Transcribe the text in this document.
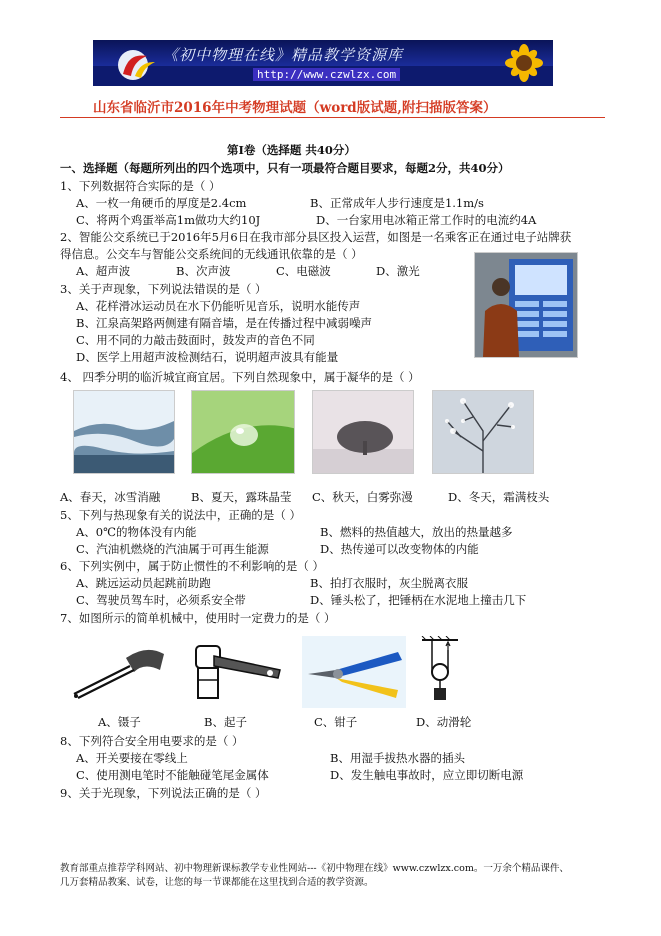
《初中物理在线》精品教学资源库
http://www.czwlzx.com
山东省临沂市2016年中考物理试题（word版试题,附扫描版答案）
第Ⅰ卷（选择题 共40分）
一、选择题（每题所列出的四个选项中，只有一项最符合题目要求，每题2分，共40分）
1、下列数据符合实际的是（ ）
A、一枚一角硬币的厚度是2.4cm	B、正常成年人步行速度是1.1m/s
C、将两个鸡蛋举高1m做功大约10J	D、一台家用电冰箱正常工作时的电流约4A
2、智能公交系统已于2016年5月6日在我市部分县区投入运营，如图是一名乘客正在通过电子站牌获
得信息。公交车与智能公交系统间的无线通讯依靠的是（ ）
A、超声波	B、次声波	C、电磁波	D、激光
3、关于声现象，下列说法错误的是（ ）
A、花样滑冰运动员在水下仍能听见音乐，说明水能传声
B、江泉高架路两侧建有隔音墙，是在传播过程中减弱噪声
C、用不同的力敲击鼓面时，鼓发声的音色不同
D、医学上用超声波检测结石，说明超声波具有能量
4、 四季分明的临沂城宜商宜居。下列自然现象中，属于凝华的是（ ）
A、春天，冰雪消融	B、夏天，露珠晶莹 C、秋天，白雾弥漫	D、冬天，霜满枝头
5、下列与热现象有关的说法中，正确的是（ ）
A、0℃的物体没有内能	B、燃料的热值越大，放出的热量越多
C、汽油机燃烧的汽油属于可再生能源	D、热传递可以改变物体的内能
6、下列实例中，属于防止惯性的不利影响的是（ ）
A、跳远运动员起跳前助跑	B、拍打衣服时，灰尘脱离衣服
C、驾驶员驾车时，必须系安全带	D、锤头松了，把锤柄在水泥地上撞击几下
7、如图所示的简单机械中，使用时一定费力的是（ ）
A、镊子	B、起子	C、钳子	D、动滑轮
8、下列符合安全用电要求的是（ ）
A、开关要接在零线上	B、用湿手拔热水器的插头
C、使用测电笔时不能触碰笔尾金属体	D、发生触电事故时，应立即切断电源
9、关于光现象，下列说法正确的是（ ）
教育部重点推荐学科网站、初中物理新课标教学专业性网站---《初中物理在线》www.czwlzx.com。一万余个精品课件、
几万套精品教案、试卷，让您的每一节课都能在这里找到合适的教学资源。
